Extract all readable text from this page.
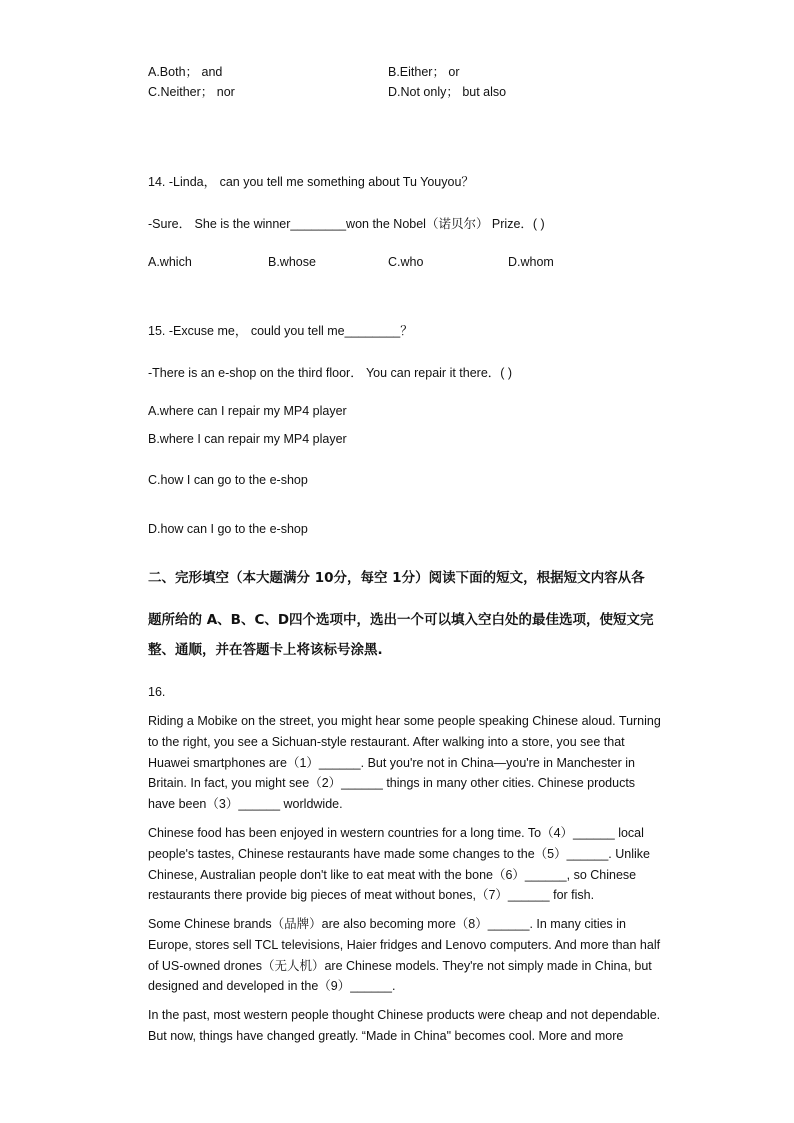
A.Both； and	B.Either； or
C.Neither； nor	D.Not only； but also
14. -Linda， can you tell me something about Tu Youyou？
-Sure． She is the winner________won the Nobel（诺贝尔） Prize．( )
A.which	B.whose	C.who	D.whom
15. -Excuse me， could you tell me________？
-There is an e-shop on the third floor． You can repair it there．( )
A.where can I repair my MP4 player
B.where I can repair my MP4 player
C.how I can go to the e-shop
D.how can I go to the e-shop
二、完形填空（本大题满分 10分，每空 1分）阅读下面的短文，根据短文内容从各
题所给的 A、B、C、D四个选项中，选出一个可以填入空白处的最佳选项，使短文完
整、通顺，并在答题卡上将该标号涂黑.
16.
Riding a Mobike on the street, you might hear some people speaking Chinese aloud. Turning
to the right, you see a Sichuan-style restaurant. After walking into a store, you see that
Huawei smartphones are（1）______. But you're not in China—you're in Manchester in
Britain. In fact, you might see（2）______ things in many other cities. Chinese products
have been（3）______ worldwide.
Chinese food has been enjoyed in western countries for a long time. To（4）______ local
people's tastes, Chinese restaurants have made some changes to the（5）______. Unlike
Chinese, Australian people don't like to eat meat with the bone（6）______, so Chinese
restaurants there provide big pieces of meat without bones,（7）______ for fish.
Some Chinese brands（品牌）are also becoming more（8）______. In many cities in
Europe, stores sell TCL televisions, Haier fridges and Lenovo computers. And more than half
of US-owned drones（无人机）are Chinese models. They're not simply made in China, but
designed and developed in the（9）______.
In the past, most western people thought Chinese products were cheap and not dependable.
But now, things have changed greatly. “Made in China" becomes cool. More and more
